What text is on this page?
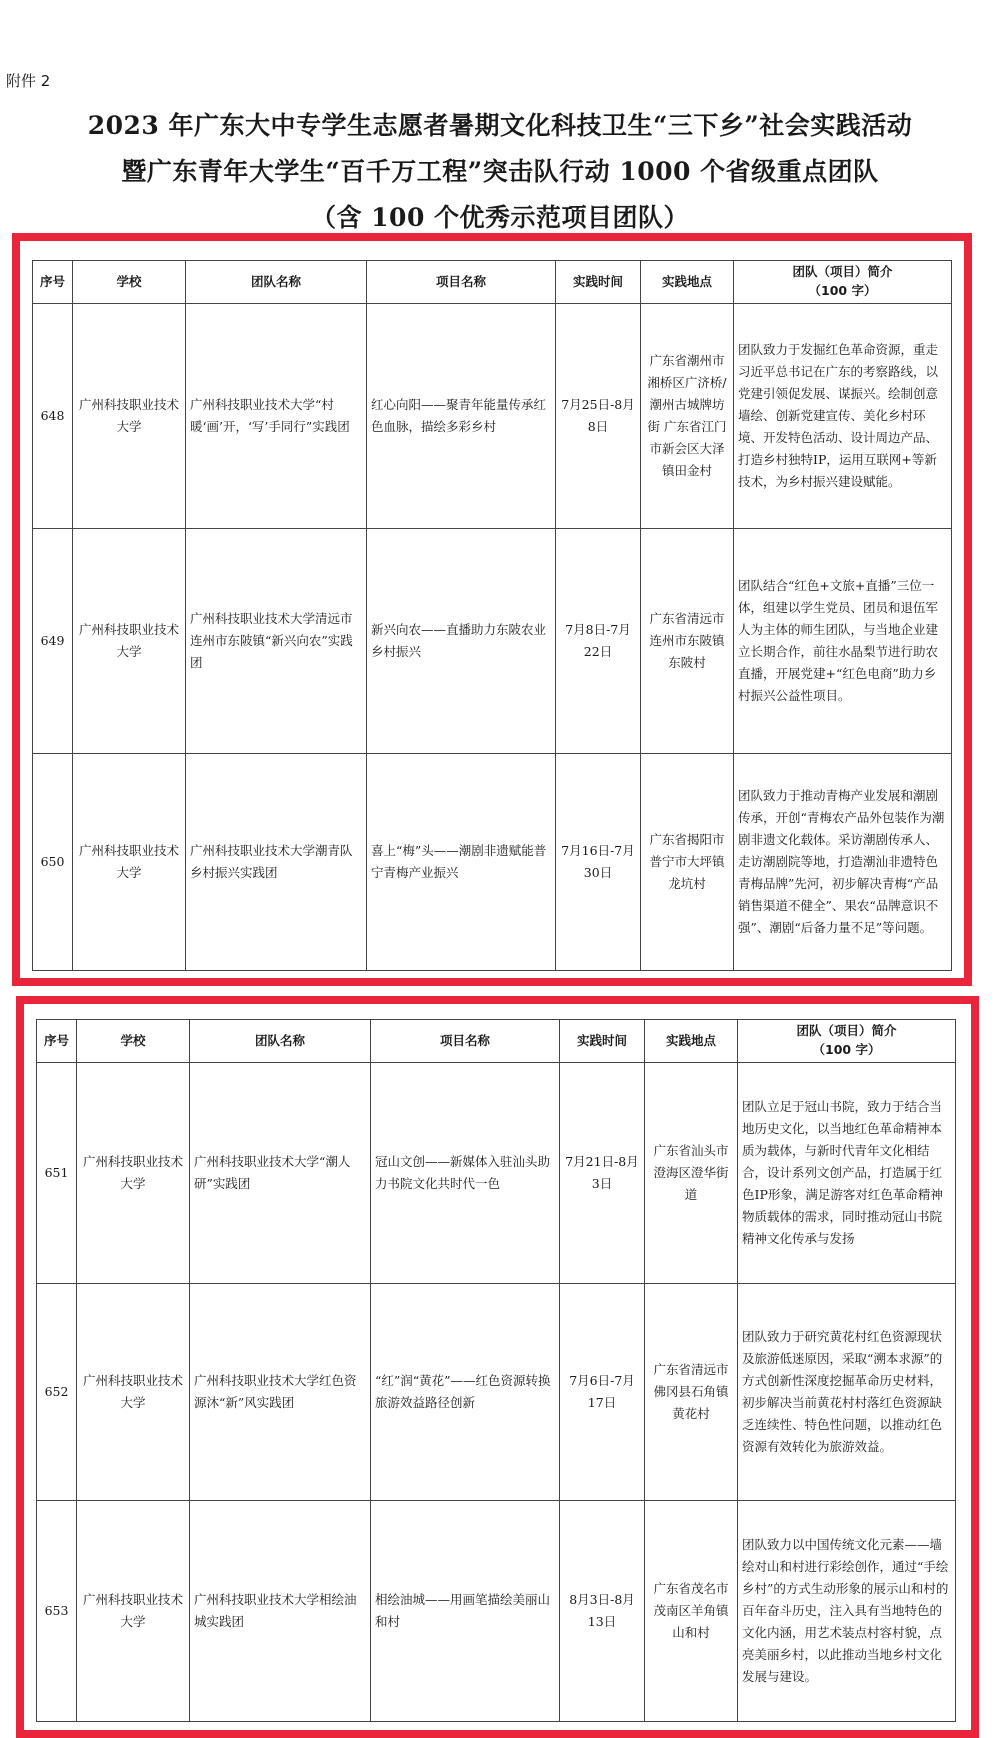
附件 2
2023 年广东大中专学生志愿者暑期文化科技卫生“三下乡”社会实践活动
暨广东青年大学生“百千万工程”突击队行动 1000 个省级重点团队
（含 100 个优秀示范项目团队）
序号	学校	团队名称	项目名称	实践时间	实践地点	团队（项目）简介
（100 字）
648	广州科技职业技术大学	广州科技职业技术大学“村暖‘画’开，‘写’手同行”实践团	红心向阳——聚青年能量传承红色血脉，描绘多彩乡村	7月25日-8月8日	广东省潮州市湘桥区广济桥/潮州古城牌坊街 广东省江门市新会区大泽镇田金村	团队致力于发掘红色革命资源，重走习近平总书记在广东的考察路线，以党建引领促发展、谋振兴。绘制创意墙绘、创新党建宣传、美化乡村环境、开发特色活动、设计周边产品、打造乡村独特IP，运用互联网+等新技术，为乡村振兴建设赋能。
649	广州科技职业技术大学	广州科技职业技术大学清远市连州市东陂镇“新兴向农”实践团	新兴向农——直播助力东陂农业乡村振兴	7月8日-7月22日	广东省清远市连州市东陂镇东陂村	团队结合“红色+文旅+直播”三位一体，组建以学生党员、团员和退伍军人为主体的师生团队，与当地企业建立长期合作，前往水晶梨节进行助农直播，开展党建+“红色电商”助力乡村振兴公益性项目。
650	广州科技职业技术大学	广州科技职业技术大学潮青队乡村振兴实践团	喜上“梅”头——潮剧非遗赋能普宁青梅产业振兴	7月16日-7月30日	广东省揭阳市普宁市大坪镇龙坑村	团队致力于推动青梅产业发展和潮剧传承，开创“青梅农产品外包装作为潮剧非遗文化载体。采访潮剧传承人、走访潮剧院等地，打造潮汕非遗特色青梅品牌”先河，初步解决青梅“产品销售渠道不健全”、果农“品牌意识不强”、潮剧“后备力量不足”等问题。
序号	学校	团队名称	项目名称	实践时间	实践地点	团队（项目）简介
（100 字）
651	广州科技职业技术大学	广州科技职业技术大学“潮人研”实践团	冠山文创——新媒体入驻汕头助力书院文化共时代一色	7月21日-8月3日	广东省汕头市澄海区澄华街道	团队立足于冠山书院，致力于结合当地历史文化，以当地红色革命精神本质为载体，与新时代青年文化相结合，设计系列文创产品，打造属于红色IP形象，满足游客对红色革命精神物质载体的需求，同时推动冠山书院精神文化传承与发扬
652	广州科技职业技术大学	广州科技职业技术大学红色资源沐“新”风实践团	“红”润“黄花”——红色资源转换旅游效益路径创新	7月6日-7月17日	广东省清远市佛冈县石角镇黄花村	团队致力于研究黄花村红色资源现状及旅游低迷原因，采取“溯本求源”的方式创新性深度挖掘革命历史材料，初步解决当前黄花村村落红色资源缺乏连续性、特色性问题，以推动红色资源有效转化为旅游效益。
653	广州科技职业技术大学	广州科技职业技术大学相绘油城实践团	相绘油城——用画笔描绘美丽山和村	8月3日-8月13日	广东省茂名市茂南区羊角镇山和村	团队致力以中国传统文化元素——墙绘对山和村进行彩绘创作，通过“手绘乡村”的方式生动形象的展示山和村的百年奋斗历史，注入具有当地特色的文化内涵，用艺术装点村容村貌，点亮美丽乡村，以此推动当地乡村文化发展与建设。
